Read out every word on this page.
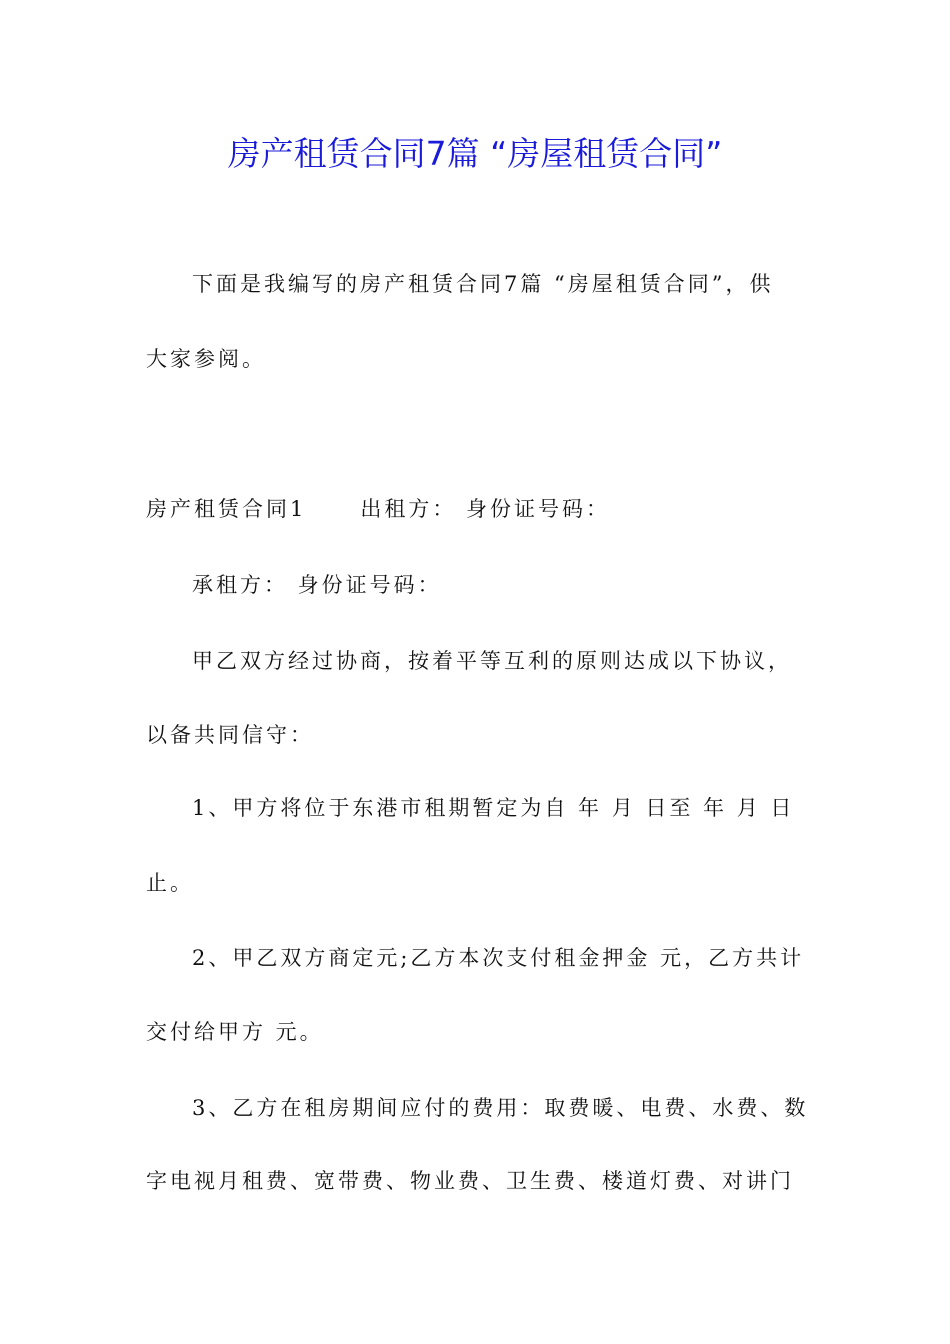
房产租赁合同7篇 “房屋租赁合同”
下面是我编写的房产租赁合同7篇 “房屋租赁合同”，供
大家参阅。
房产租赁合同1	出租方： 身份证号码：
承租方： 身份证号码：
甲乙双方经过协商，按着平等互利的原则达成以下协议，
以备共同信守：
1、甲方将位于东港市租期暂定为自 年 月 日至 年 月 日
止。
2、甲乙双方商定元;乙方本次支付租金押金 元，乙方共计
交付给甲方 元。
3、乙方在租房期间应付的费用：取费暖、电费、水费、数
字电视月租费、宽带费、物业费、卫生费、楼道灯费、对讲门
